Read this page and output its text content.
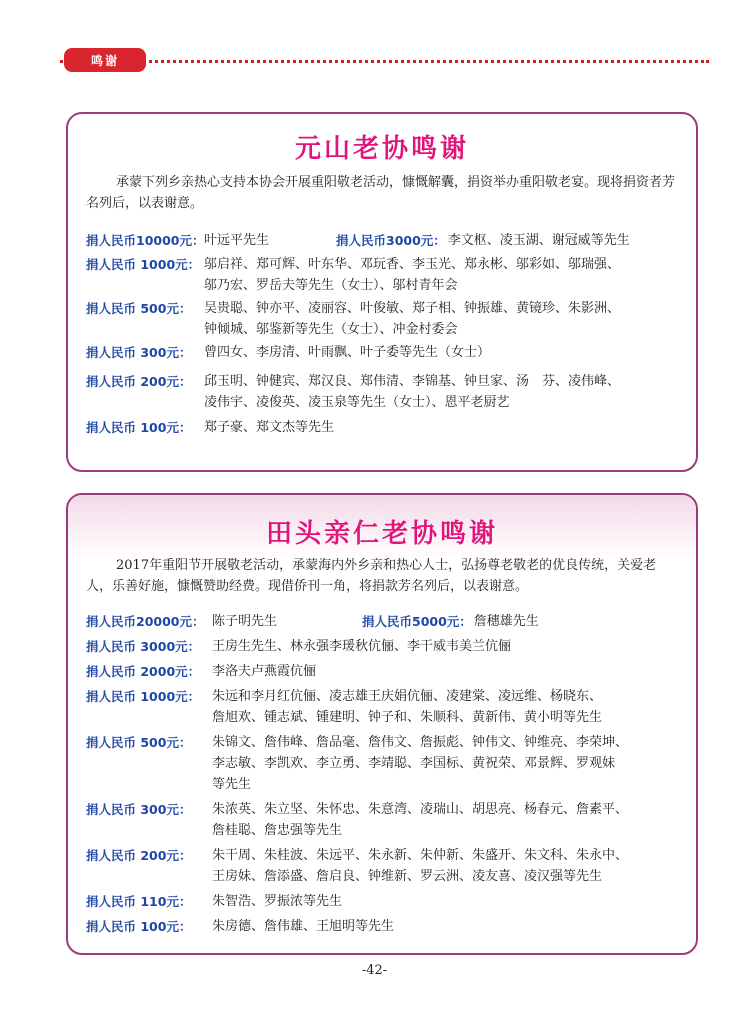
鸣谢
元山老协鸣谢
承蒙下列乡亲热心支持本协会开展重阳敬老活动，慷慨解囊，捐资举办重阳敬老宴。现将捐资者芳名列后，以表谢意。
捐人民币10000元： 叶远平先生	捐人民币3000元： 李文枢、凌玉湖、谢冠威等先生
捐人民币 1000元： 邬启祥、郑可辉、叶东华、邓玩香、李玉光、郑永彬、邬彩如、邬瑞强、
邬乃宏、罗岳夫等先生（女士）、邬村青年会
捐人民币 500元： 吴贵聪、钟亦平、凌丽容、叶俊敏、郑子相、钟振雄、黄镜珍、朱影洲、
钟倾城、邬鉴新等先生（女士）、冲金村委会
捐人民币 300元： 曾四女、李房清、叶雨飘、叶子委等先生（女士）
捐人民币 200元： 邱玉明、钟健宾、郑汉良、郑伟清、李锦基、钟旦家、汤　芬、凌伟峰、
凌伟宇、凌俊英、凌玉泉等先生（女士）、恩平老厨艺
捐人民币 100元： 郑子豪、郑文杰等先生
田头亲仁老协鸣谢
2017年重阳节开展敬老活动，承蒙海内外乡亲和热心人士，弘扬尊老敬老的优良传统，关爱老人，乐善好施，慷慨赞助经费。现借侨刊一角，将捐款芳名列后，以表谢意。
捐人民币20000元： 陈子明先生	捐人民币5000元： 詹穗雄先生
捐人民币 3000元： 王房生先生、林永强李瑗秋伉俪、李干威韦美兰伉俪
捐人民币 2000元： 李洛夫卢燕霞伉俪
捐人民币 1000元： 朱远和李月红伉俪、凌志雄王庆娟伉俪、凌建棠、凌远维、杨晓东、
詹旭欢、锺志斌、锺建明、钟子和、朱顺科、黄新伟、黄小明等先生
捐人民币 500元：	朱锦文、詹伟峰、詹品毫、詹伟文、詹振彪、钟伟文、钟维亮、李荣坤、
李志敏、李凯欢、李立勇、李靖聪、李国标、黄祝荣、邓景辉、罗观妹
等先生
捐人民币 300元：	朱浓英、朱立坚、朱怀忠、朱意湾、凌瑞山、胡思亮、杨春元、詹素平、
詹桂聪、詹忠强等先生
捐人民币 200元：	朱干周、朱桂波、朱远平、朱永新、朱仲新、朱盛开、朱文科、朱永中、
王房妹、詹添盛、詹启良、钟维新、罗云洲、凌友喜、凌汉强等先生
捐人民币 110元：	朱智浩、罗振浓等先生
捐人民币 100元：	朱房德、詹伟雄、王旭明等先生
-42-
